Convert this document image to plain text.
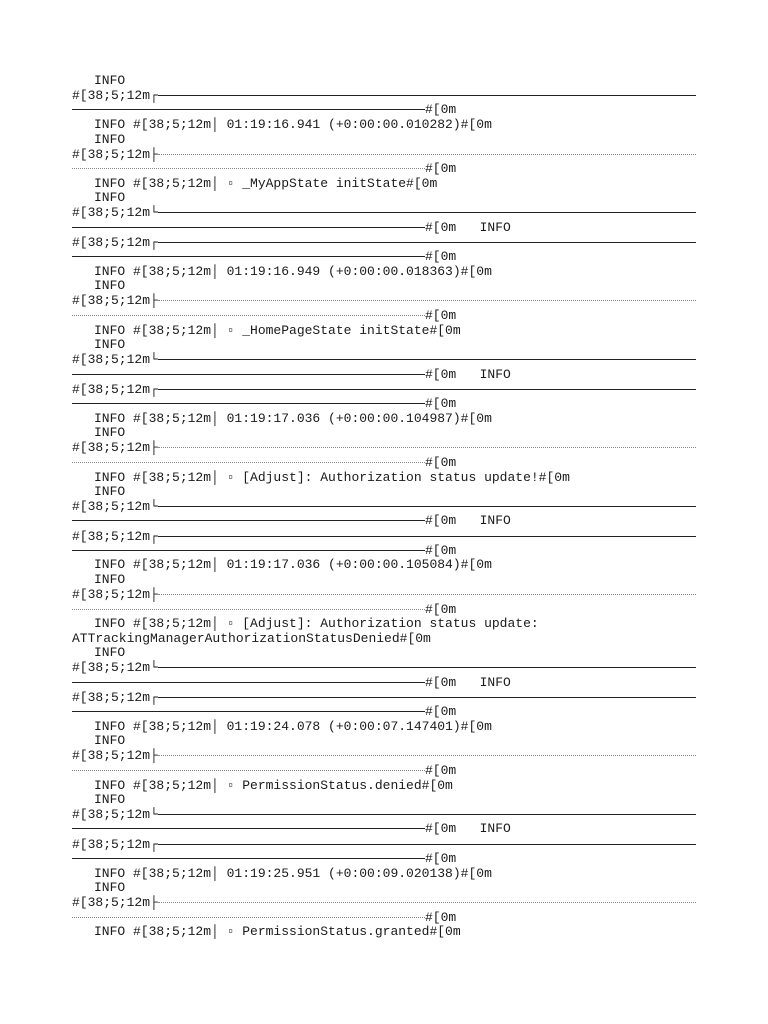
INFO
#[38;5;12m┌
#[0m
INFO #[38;5;12m│ 01:19:16.941 (+0:00:00.010282)#[0m
INFO
#[38;5;12m├
#[0m
INFO #[38;5;12m│ ▫ _MyAppState initState#[0m
INFO
#[38;5;12m└
#[0m   INFO
#[38;5;12m┌
#[0m
INFO #[38;5;12m│ 01:19:16.949 (+0:00:00.018363)#[0m
INFO
#[38;5;12m├
#[0m
INFO #[38;5;12m│ ▫ _HomePageState initState#[0m
INFO
#[38;5;12m└
#[0m   INFO
#[38;5;12m┌
#[0m
INFO #[38;5;12m│ 01:19:17.036 (+0:00:00.104987)#[0m
INFO
#[38;5;12m├
#[0m
INFO #[38;5;12m│ ▫ [Adjust]: Authorization status update!#[0m
INFO
#[38;5;12m└
#[0m   INFO
#[38;5;12m┌
#[0m
INFO #[38;5;12m│ 01:19:17.036 (+0:00:00.105084)#[0m
INFO
#[38;5;12m├
#[0m
INFO #[38;5;12m│ ▫ [Adjust]: Authorization status update:
ATTrackingManagerAuthorizationStatusDenied#[0m
INFO
#[38;5;12m└
#[0m   INFO
#[38;5;12m┌
#[0m
INFO #[38;5;12m│ 01:19:24.078 (+0:00:07.147401)#[0m
INFO
#[38;5;12m├
#[0m
INFO #[38;5;12m│ ▫ PermissionStatus.denied#[0m
INFO
#[38;5;12m└
#[0m   INFO
#[38;5;12m┌
#[0m
INFO #[38;5;12m│ 01:19:25.951 (+0:00:09.020138)#[0m
INFO
#[38;5;12m├
#[0m
INFO #[38;5;12m│ ▫ PermissionStatus.granted#[0m
